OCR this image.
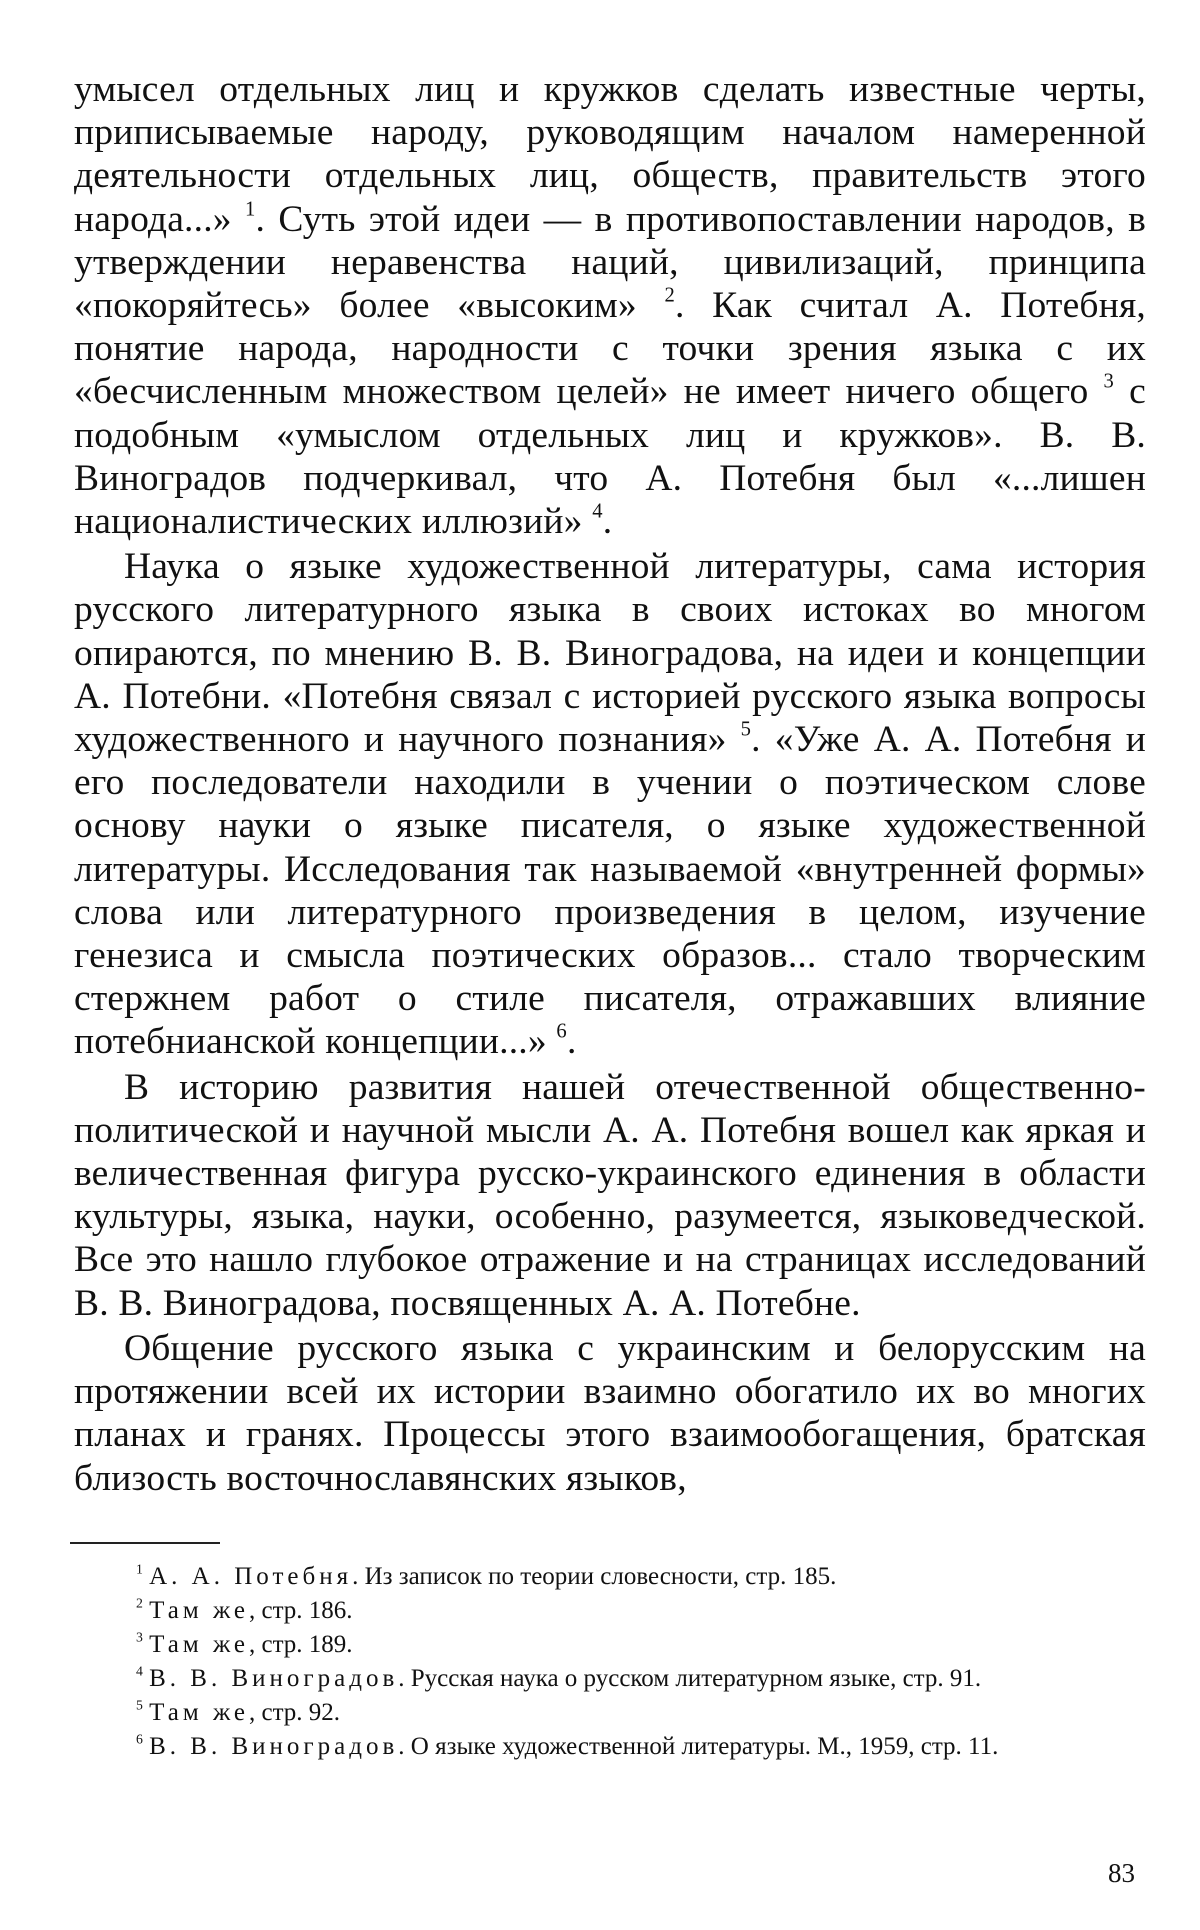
умысел отдельных лиц и кружков сделать известные черты, приписываемые народу, руководящим началом намеренной деятельности отдельных лиц, обществ, правительств этого народа...» $^1$. Суть этой идеи — в противопоставлении народов, в утверждении неравенства наций, цивилизаций, принципа «покоряйтесь» более «высоким» $^2$. Как считал А. Потебня, понятие народа, народности с точки зрения языка с их «бесчисленным множеством целей» не имеет ничего общего $^3$ с подобным «умыслом отдельных лиц и кружков». В. В. Виноградов подчеркивал, что А. Потебня был «...лишен националистических иллюзий» $^4$.

Наука о языке художественной литературы, сама история русского литературного языка в своих истоках во многом опираются, по мнению В. В. Виноградова, на идеи и концепции А. Потебни. «Потебня связал с историей русского языка вопросы художественного и научного познания» $^5$. «Уже А. А. Потебня и его последователи находили в учении о поэтическом слове основу науки о языке писателя, о языке художественной литературы. Исследования так называемой «внутренней формы» слова или литературного произведения в целом, изучение генезиса и смысла поэтических образов... стало творческим стержнем работ о стиле писателя, отражавших влияние потебнианской концепции...» $^6$.

В историю развития нашей отечественной общественно-политической и научной мысли А. А. Потебня вошел как яркая и величественная фигура русско-украинского единения в области культуры, языка, науки, особенно, разумеется, языковедческой. Все это нашло глубокое отражение и на страницах исследований В. В. Виноградова, посвященных А. А. Потебне.

Общение русского языка с украинским и белорусским на протяжении всей их истории взаимно обогатило их во многих планах и гранях. Процессы этого взаимообогащения, братская близость восточнославянских языков,

$^1$ А. А. Потебня. Из записок по теории словесности, стр. 185.

$^2$ Там же, стр. 186.

$^3$ Там же, стр. 189.

$^4$ В. В. Виноградов. Русская наука о русском литературном языке, стр. 91.

$^5$ Там же, стр. 92.

$^6$ В. В. Виноградов. О языке художественной литературы. М., 1959, стр. 11.

83
